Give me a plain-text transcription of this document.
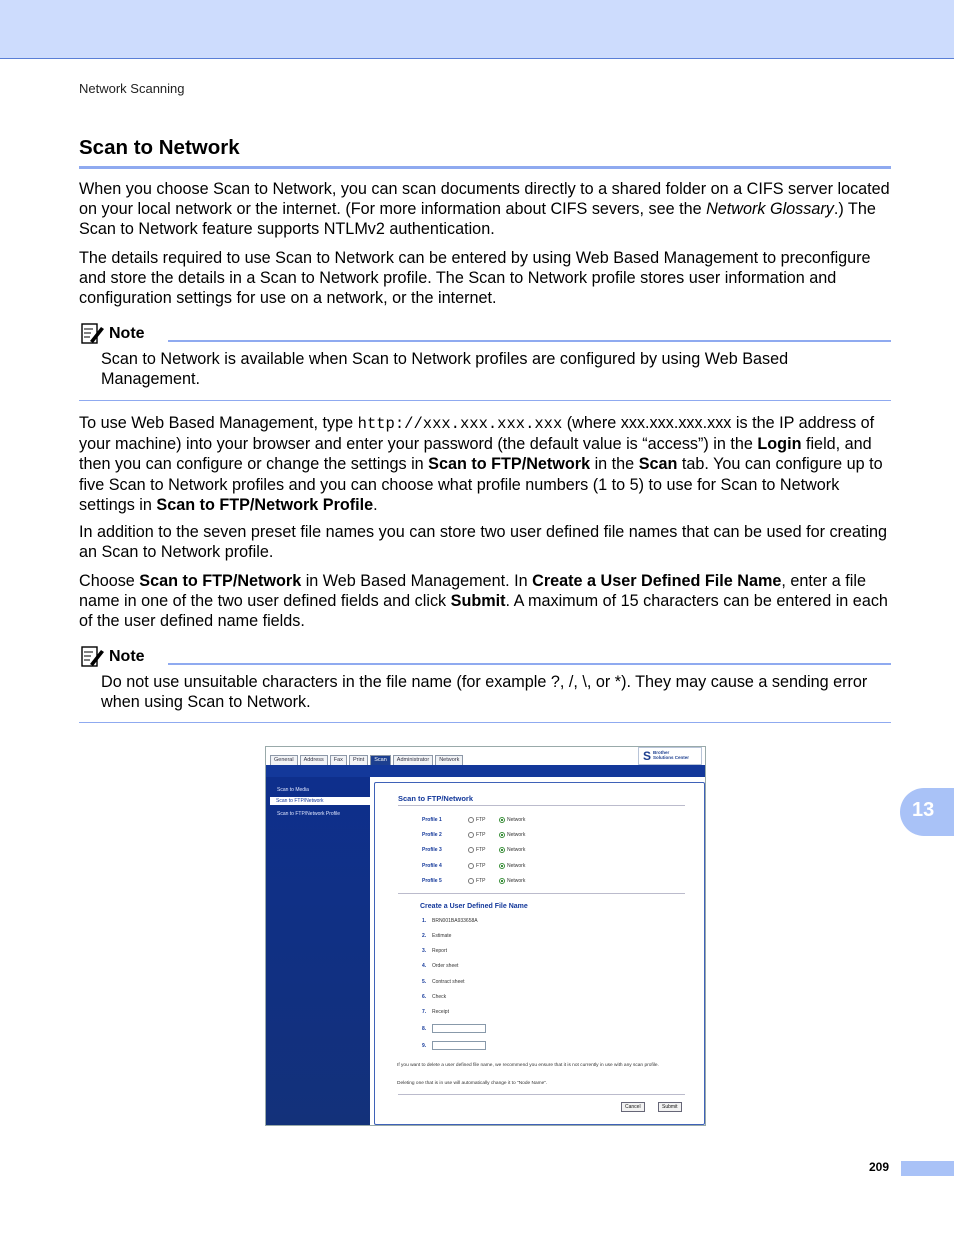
Network Scanning
Scan to Network

When you choose Scan to Network, you can scan documents directly to a shared folder on a CIFS server located on your local network or the internet. (For more information about CIFS severs, see the Network Glossary.) The Scan to Network feature supports NTLMv2 authentication.

The details required to use Scan to Network can be entered by using Web Based Management to preconfigure and store the details in a Scan to Network profile. The Scan to Network profile stores user information and configuration settings for use on a network, or the internet.

Note

Scan to Network is available when Scan to Network profiles are configured by using Web Based Management.

To use Web Based Management, type http://xxx.xxx.xxx.xxx (where xxx.xxx.xxx.xxx is the IP address of your machine) into your browser and enter your password (the default value is “access”) in the Login field, and then you can configure or change the settings in Scan to FTP/Network in the Scan tab. You can configure up to five Scan to Network profiles and you can choose what profile numbers (1 to 5) to use for Scan to Network settings in Scan to FTP/Network Profile.

In addition to the seven preset file names you can store two user defined file names that can be used for creating an Scan to Network profile.

Choose Scan to FTP/Network in Web Based Management. In Create a User Defined File Name, enter a file name in one of the two user defined fields and click Submit. A maximum of 15 characters can be entered in each of the user defined name fields.

Note

Do not use unsuitable characters in the file name (for example ?, /, \, or *). They may cause a sending error when using Scan to Network.

General	Address	Fax	Print	Scan	Administrator	Network	S Brother
Solutions Center
Scan to Media
Scan to FTP/Network
Scan to FTP/Network Profile
Scan to FTP/Network
Profile 1	FTP	Network
Profile 2	FTP	Network
Profile 3	FTP	Network
Profile 4	FTP	Network
Profile 5	FTP	Network
Create a User Defined File Name
1.	BRN001BA933658A
2.	Estimate
3.	Report
4.	Order sheet
5.	Contract sheet
6.	Check
7.	Receipt
8.
9.
If you want to delete a user defined file name, we recommend you ensure that it is not currently in use with any scan profile.
Deleting one that is in use will automatically change it to "Node Name".
Cancel	Submit
13
209
